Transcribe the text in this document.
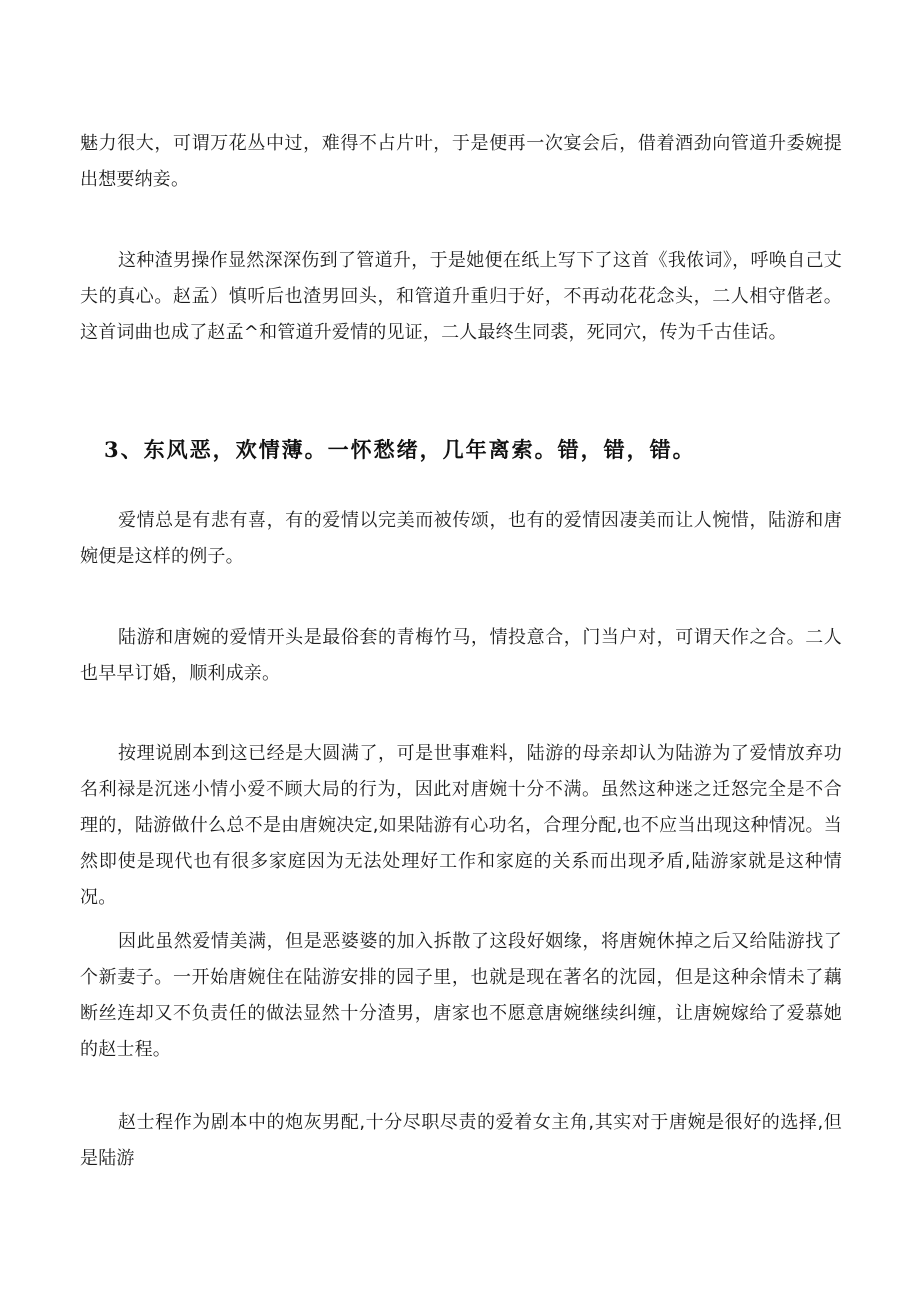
魅力很大，可谓万花丛中过，难得不占片叶，于是便再一次宴会后，借着酒劲向管道升委婉提出想要纳妾。

这种渣男操作显然深深伤到了管道升，于是她便在纸上写下了这首《我侬词》，呼唤自己丈夫的真心。赵孟）慎听后也渣男回头，和管道升重归于好，不再动花花念头，二人相守偕老。这首词曲也成了赵孟^和管道升爱情的见证，二人最终生同裘，死同穴，传为千古佳话。

3、东风恶，欢情薄。一怀愁绪，几年离索。错，错，错。

爱情总是有悲有喜，有的爱情以完美而被传颂，也有的爱情因凄美而让人惋惜，陆游和唐婉便是这样的例子。

陆游和唐婉的爱情开头是最俗套的青梅竹马，情投意合，门当户对，可谓天作之合。二人也早早订婚，顺利成亲。

按理说剧本到这已经是大圆满了，可是世事难料，陆游的母亲却认为陆游为了爱情放弃功名利禄是沉迷小情小爱不顾大局的行为，因此对唐婉十分不满。虽然这种迷之迁怒完全是不合理的，陆游做什么总不是由唐婉决定,如果陆游有心功名，合理分配,也不应当出现这种情况。当然即使是现代也有很多家庭因为无法处理好工作和家庭的关系而出现矛盾,陆游家就是这种情况。

因此虽然爱情美满，但是恶婆婆的加入拆散了这段好姻缘，将唐婉休掉之后又给陆游找了个新妻子。一开始唐婉住在陆游安排的园子里，也就是现在著名的沈园，但是这种余情未了藕断丝连却又不负责任的做法显然十分渣男，唐家也不愿意唐婉继续纠缠，让唐婉嫁给了爱慕她的赵士程。

赵士程作为剧本中的炮灰男配,十分尽职尽责的爱着女主角,其实对于唐婉是很好的选择,但是陆游
